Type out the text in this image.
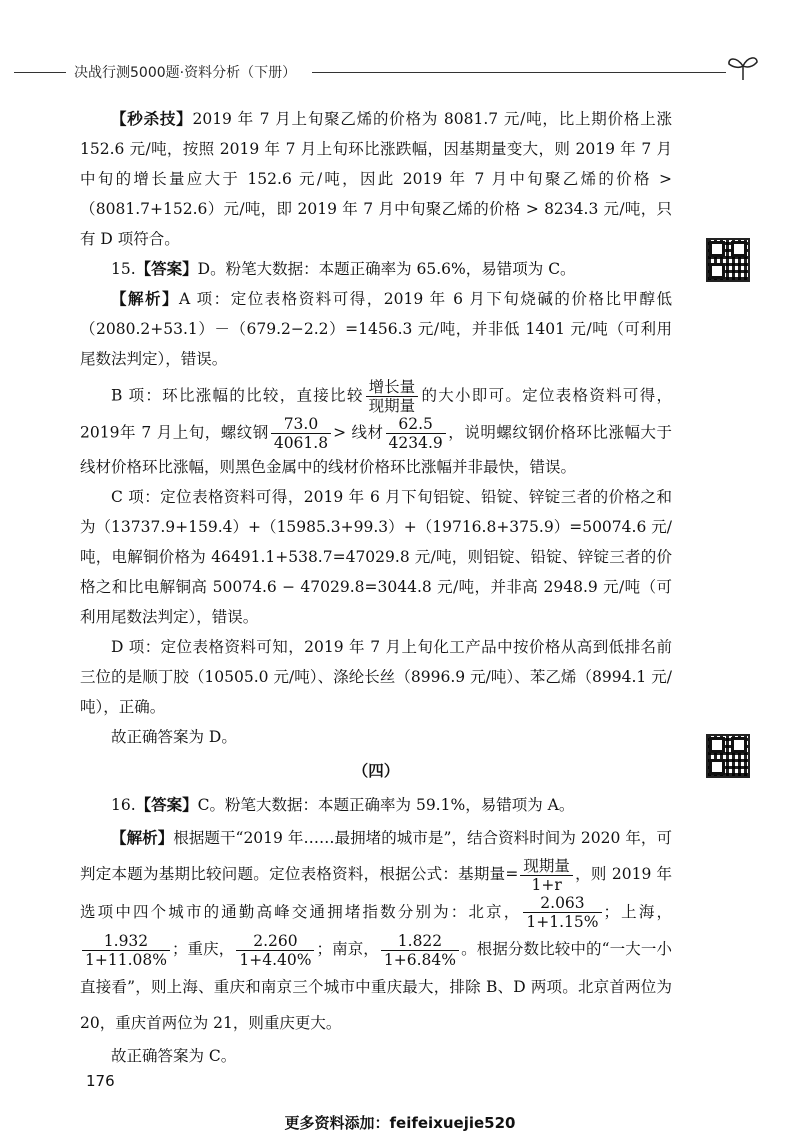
决战行测5000题·资料分析（下册）

【秒杀技】2019 年 7 月上旬聚乙烯的价格为 8081.7 元/吨，比上期价格上涨 152.6 元/吨，按照 2019 年 7 月上旬环比涨跌幅，因基期量变大，则 2019 年 7 月中旬的增长量应大于 152.6 元/吨，因此 2019 年 7 月中旬聚乙烯的价格 >（8081.7+152.6）元/吨，即 2019 年 7 月中旬聚乙烯的价格 > 8234.3 元/吨，只有 D 项符合。

15.【答案】D。粉笔大数据：本题正确率为 65.6%，易错项为 C。

【解析】A 项：定位表格资料可得，2019 年 6 月下旬烧碱的价格比甲醇低（2080.2+53.1）－（679.2−2.2）=1456.3 元/吨，并非低 1401 元/吨（可利用尾数法判定），错误。

B 项：环比涨幅的比较，直接比较 $\frac{\text{增长量}}{\text{现期量}}$ 的大小即可。定位表格资料可得，2019年 7 月上旬，螺纹钢 $\frac{73.0}{4061.8}$ > 线材 $\frac{62.5}{4234.9}$ ，说明螺纹钢价格环比涨幅大于线材价格环比涨幅，则黑色金属中的线材价格环比涨幅并非最快，错误。

C 项：定位表格资料可得，2019 年 6 月下旬铝锭、铅锭、锌锭三者的价格之和为（13737.9+159.4）+（15985.3+99.3）+（19716.8+375.9）=50074.6 元/吨，电解铜价格为 46491.1+538.7=47029.8 元/吨，则铝锭、铅锭、锌锭三者的价格之和比电解铜高 50074.6 − 47029.8=3044.8 元/吨，并非高 2948.9 元/吨（可利用尾数法判定），错误。

D 项：定位表格资料可知，2019 年 7 月上旬化工产品中按价格从高到低排名前三位的是顺丁胶（10505.0 元/吨）、涤纶长丝（8996.9 元/吨）、苯乙烯（8994.1 元/吨），正确。

故正确答案为 D。

（四）

16.【答案】C。粉笔大数据：本题正确率为 59.1%，易错项为 A。

【解析】根据题干“2019 年……最拥堵的城市是”，结合资料时间为 2020 年，可判定本题为基期比较问题。定位表格资料，根据公式：基期量= $\frac{\text{现期量}}{1+r}$ ，则 2019 年选项中四个城市的通勤高峰交通拥堵指数分别为：北京， $\frac{2.063}{1+1.15\%}$ ；上海，
$\frac{1.932}{1+11.08\%}$ ；重庆， $\frac{2.260}{1+4.40\%}$ ；南京， $\frac{1.822}{1+6.84\%}$ 。根据分数比较中的“一大一小直接看”，则上海、重庆和南京三个城市中重庆最大，排除 B、D 两项。北京首两位为 20，重庆首两位为 21，则重庆更大。

故正确答案为 C。

176
更多资料添加：feifeixuejie520
